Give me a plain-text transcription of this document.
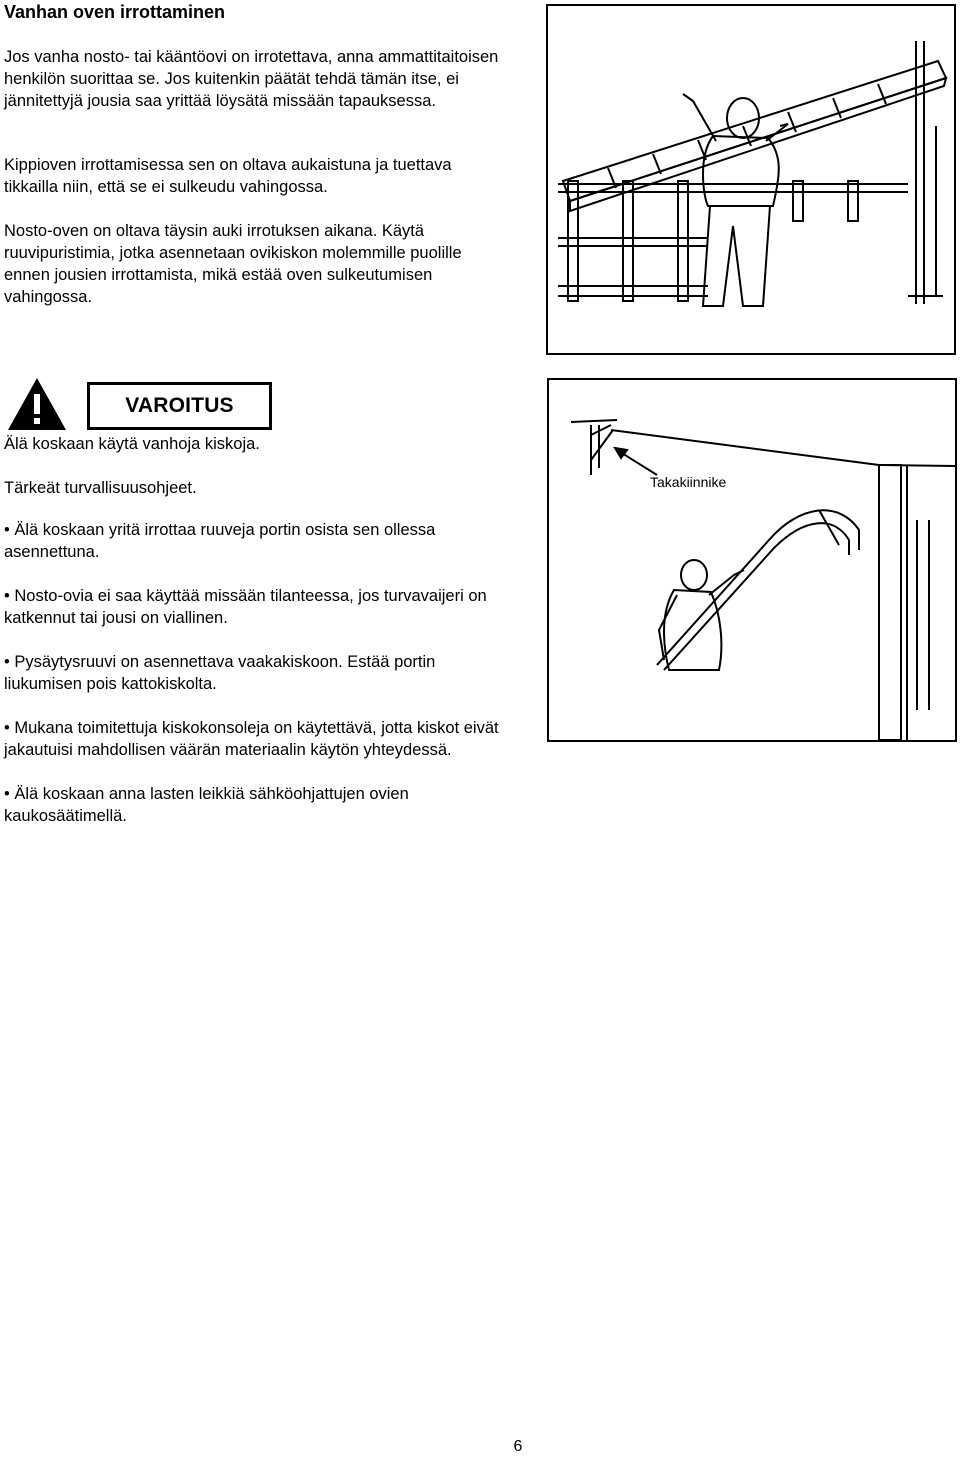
Vanhan oven irrottaminen

Jos vanha nosto- tai kääntöovi on irrotettava, anna ammattitaitoisen henkilön suorittaa se. Jos kuitenkin päätät tehdä tämän itse, ei jännitettyjä jousia saa yrittää löysätä missään tapauksessa.

Kippioven irrottamisessa sen on oltava aukaistuna ja tuettava tikkailla niin, että se ei sulkeudu vahingossa.

Nosto-oven on oltava täysin auki irrotuksen aikana. Käytä ruuvipuristimia, jotka asennetaan ovikiskon molemmille puolille ennen jousien irrottamista, mikä estää oven sulkeutumisen vahingossa.

VAROITUS

Älä koskaan käytä vanhoja kiskoja.

Tärkeät turvallisuusohjeet.

• Älä koskaan yritä irrottaa ruuveja portin osista sen ollessa asennettuna.
• Nosto-ovia ei saa käyttää missään tilanteessa, jos turvavaijeri on katkennut tai jousi on viallinen.
• Pysäytysruuvi on asennettava vaakakiskoon. Estää portin liukumisen pois kattokiskolta.
• Mukana toimitettuja kiskokonsoleja on käytettävä, jotta kiskot eivät jakautuisi mahdollisen väärän materiaalin käytön yhteydessä.
• Älä koskaan anna lasten leikkiä sähköohjattujen ovien kaukosäätimellä.
Takakiinnike
6
